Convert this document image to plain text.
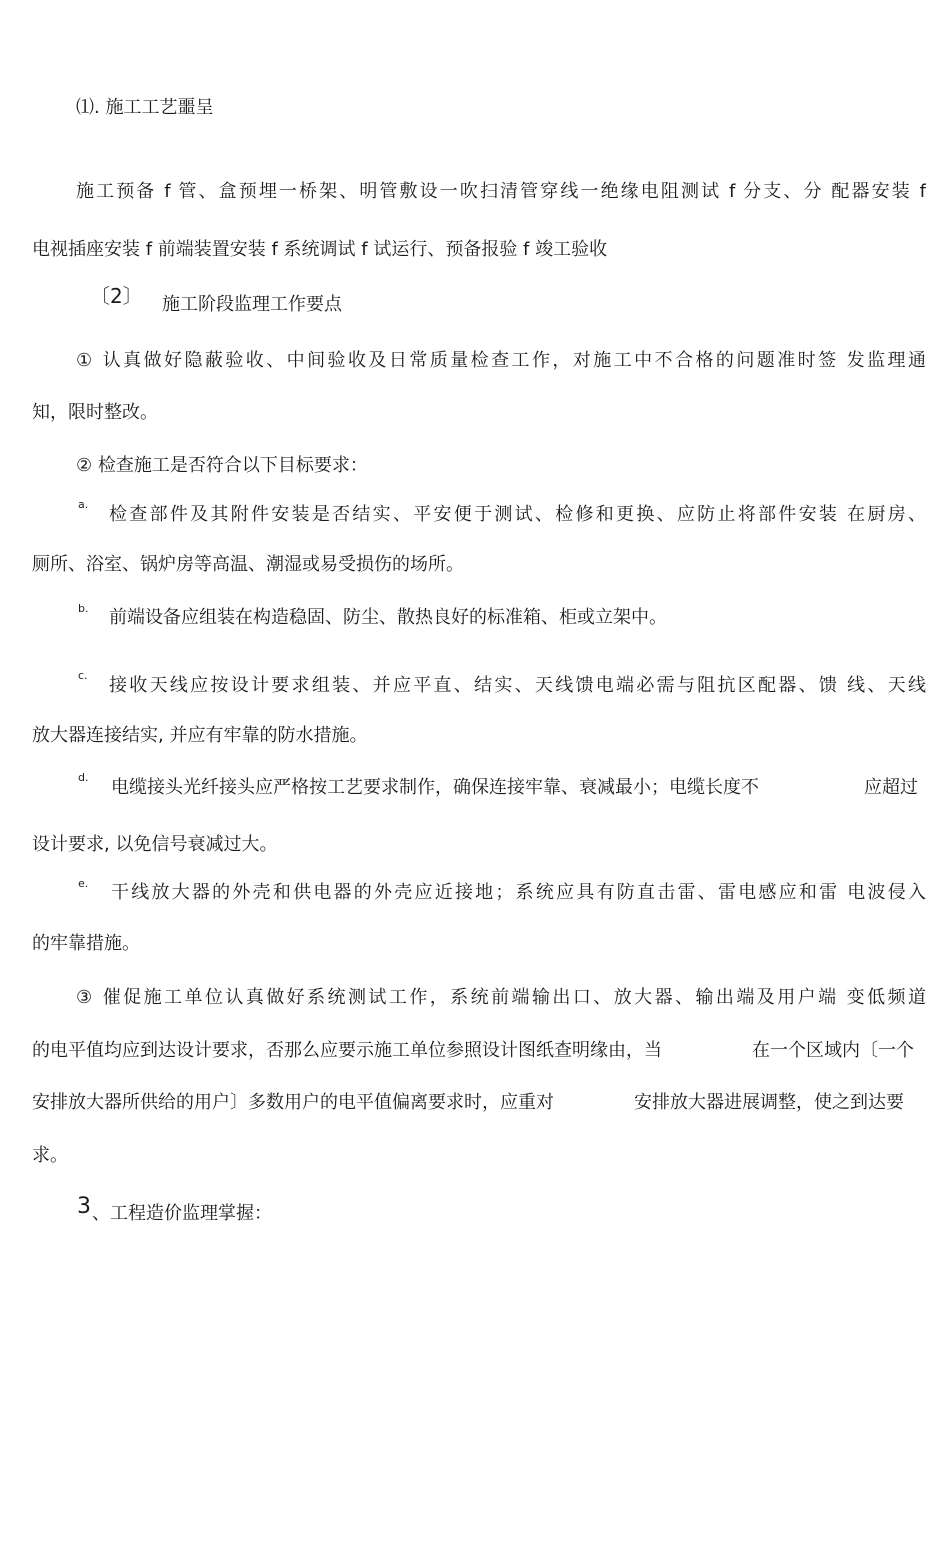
⑴. 施工工艺噩呈
施工预备 f 管、盒预埋一桥架、明管敷设一吹扫清管穿线一绝缘电阻测试 f 分支、分 配器安装 f
电视插座安装 f 前端装置安装 f 系统调试 f 试运行、预备报验 f 竣工验收
〔2〕 施工阶段监理工作要点
① 认真做好隐蔽验收、中间验收及日常质量检查工作，对施工中不合格的问题准时签 发监理通
知，限时整改。
② 检查施工是否符合以下目标要求：
a. 检查部件及其附件安装是否结实、平安便于测试、检修和更换、应防止将部件安装 在厨房、
厕所、浴室、锅炉房等高温、潮湿或易受损伤的场所。
b. 前端设备应组装在构造稳固、防尘、散热良好的标准箱、柜或立架中。
c. 接收天线应按设计要求组装、并应平直、结实、天线馈电端必需与阻抗区配器、馈 线、天线
放大器连接结实, 并应有牢靠的防水措施。
d. 电缆接头光纤接头应严格按工艺要求制作，确保连接牢靠、衰减最小；电缆长度不	应超过
设计要求, 以免信号衰减过大。
e. 干线放大器的外壳和供电器的外壳应近接地；系统应具有防直击雷、雷电感应和雷 电波侵入
的牢靠措施。
③ 催促施工单位认真做好系统测试工作，系统前端输出口、放大器、输出端及用户端 变低频道
的电平值均应到达设计要求，否那么应要示施工单位参照设计图纸查明缘由，当	在一个区域内〔一个
安排放大器所供给的用户〕多数用户的电平值偏离要求时，应重对	安排放大器进展调整，使之到达要
求。
3 、工程造价监理掌握：
